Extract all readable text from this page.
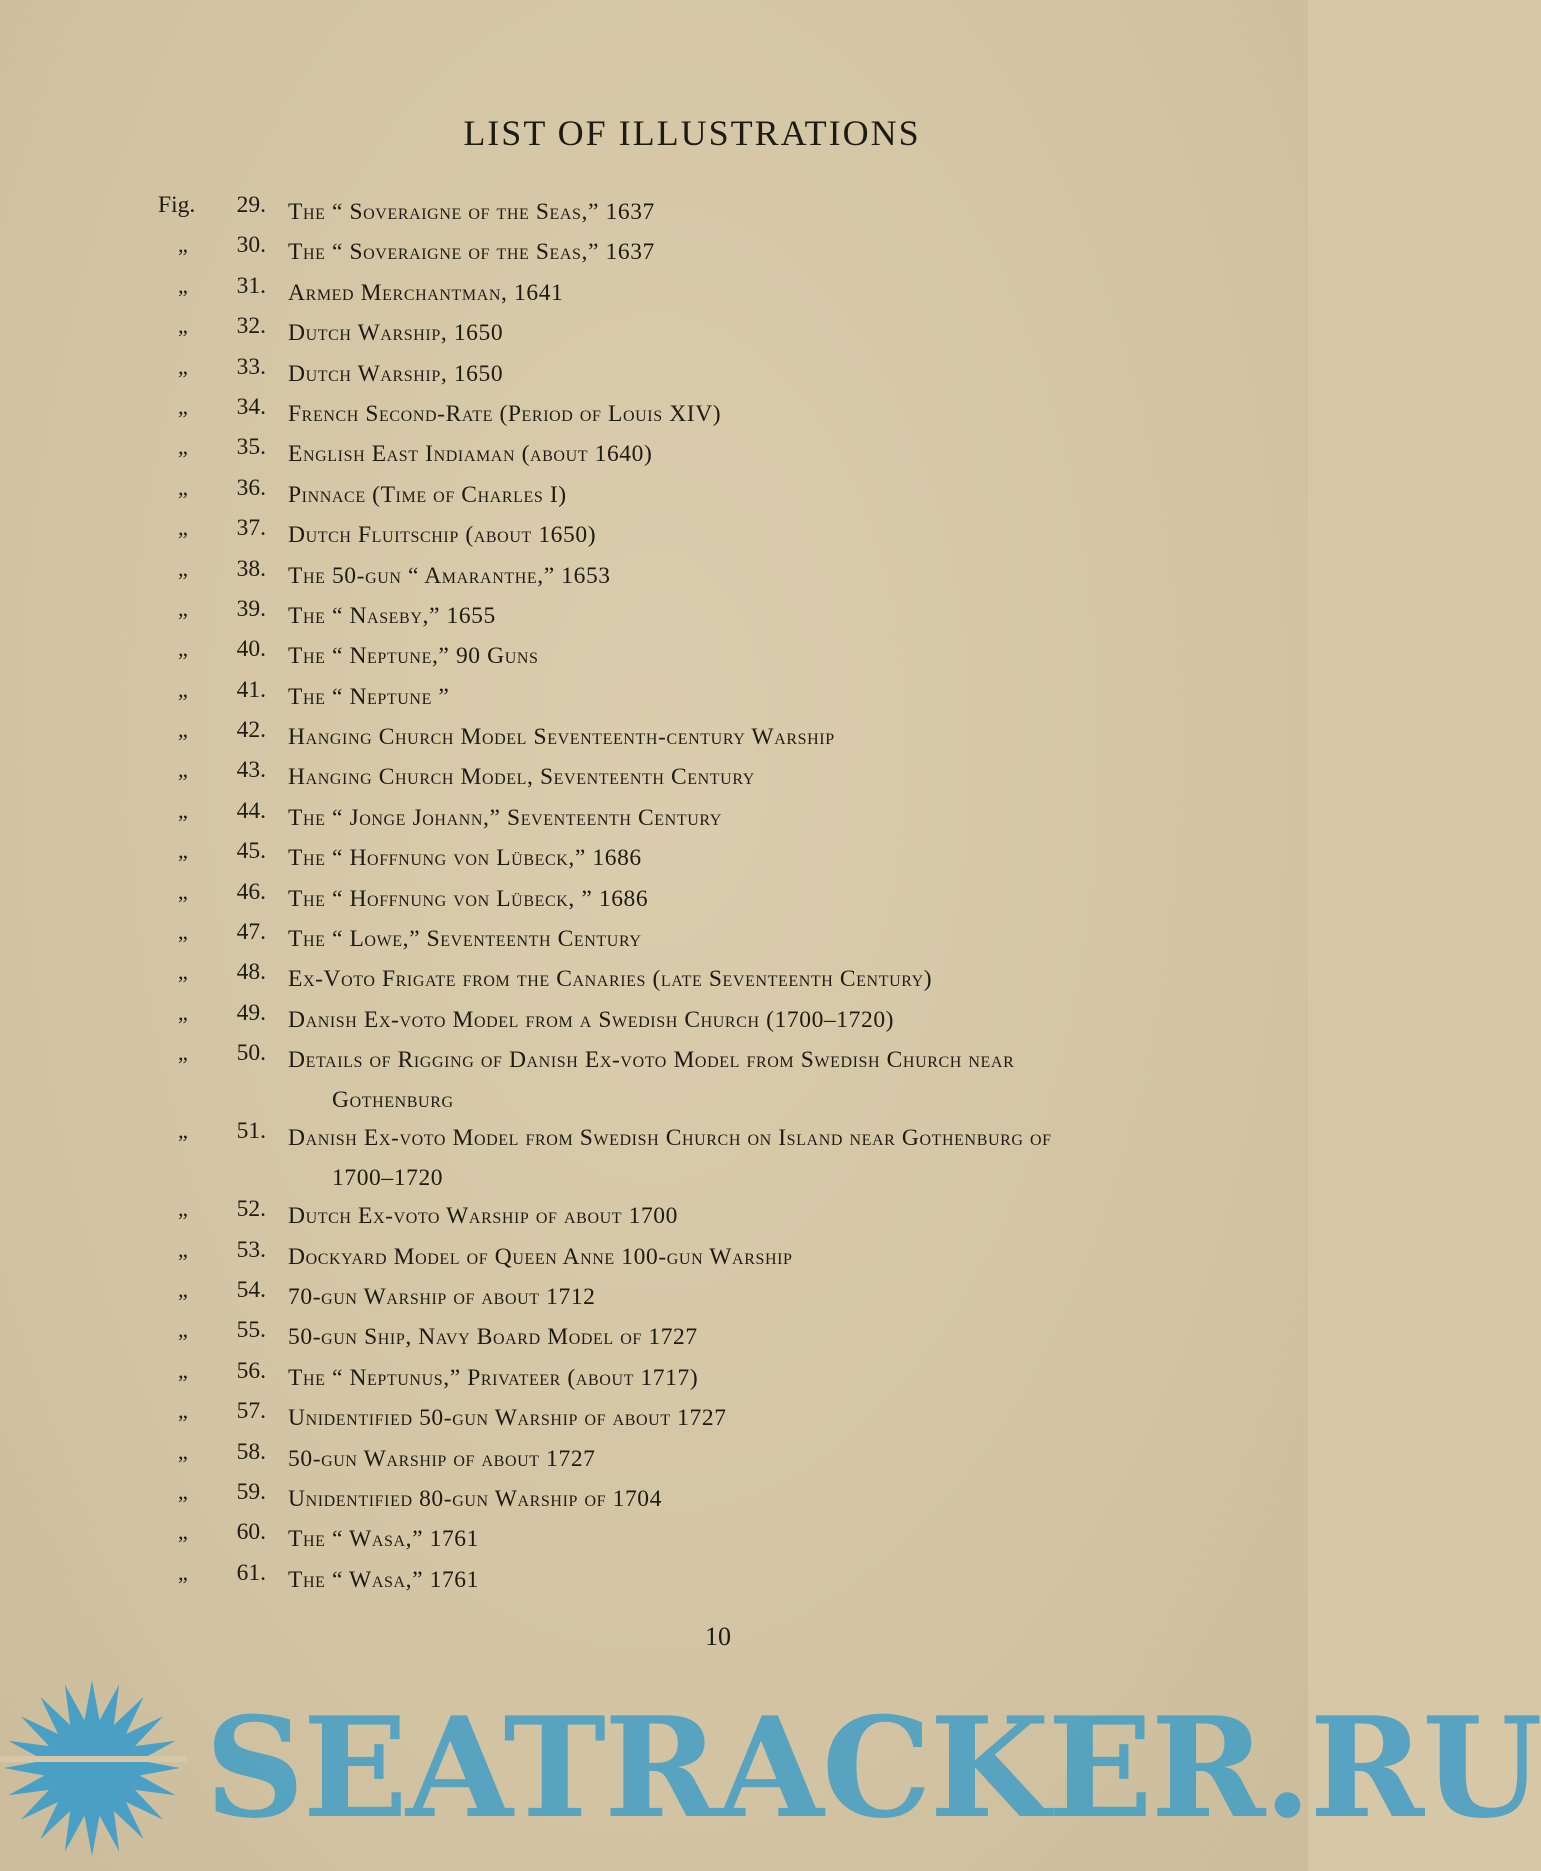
LIST OF ILLUSTRATIONS
Fig.	29. The “ Soveraigne of the Seas,” 1637
„	30. The “ Soveraigne of the Seas,” 1637
„	31. Armed Merchantman, 1641
„	32. Dutch Warship, 1650
„	33. Dutch Warship, 1650
„	34. French Second-Rate (Period of Louis XIV)
„	35. English East Indiaman (about 1640)
„	36. Pinnace (Time of Charles I)
„	37. Dutch Fluitschip (about 1650)
„	38. The 50-gun “ Amaranthe,” 1653
„	39. The “ Naseby,” 1655
„	40. The “ Neptune,” 90 Guns
„	41. The “ Neptune ”
„	42. Hanging Church Model Seventeenth-century Warship
„	43. Hanging Church Model, Seventeenth Century
„	44. The “ Jonge Johann,” Seventeenth Century
„	45. The “ Hoffnung von Lübeck,” 1686
„	46. The “ Hoffnung von Lübeck, ” 1686
„	47. The “ Lowe,” Seventeenth Century
„	48. Ex-Voto Frigate from the Canaries (late Seventeenth Century)
„	49. Danish Ex-voto Model from a Swedish Church (1700–1720)
„	50. Details of Rigging of Danish Ex-voto Model from Swedish Church near
Gothenburg
„	51. Danish Ex-voto Model from Swedish Church on Island near Gothenburg of
1700–1720
„	52. Dutch Ex-voto Warship of about 1700
„	53. Dockyard Model of Queen Anne 100-gun Warship
„	54. 70-gun Warship of about 1712
„	55. 50-gun Ship, Navy Board Model of 1727
„	56. The “ Neptunus,” Privateer (about 1717)
„	57. Unidentified 50-gun Warship of about 1727
„	58. 50-gun Warship of about 1727
„	59. Unidentified 80-gun Warship of 1704
„	60. The “ Wasa,” 1761
„	61. The “ Wasa,” 1761
10
SEATRACKER.RU
